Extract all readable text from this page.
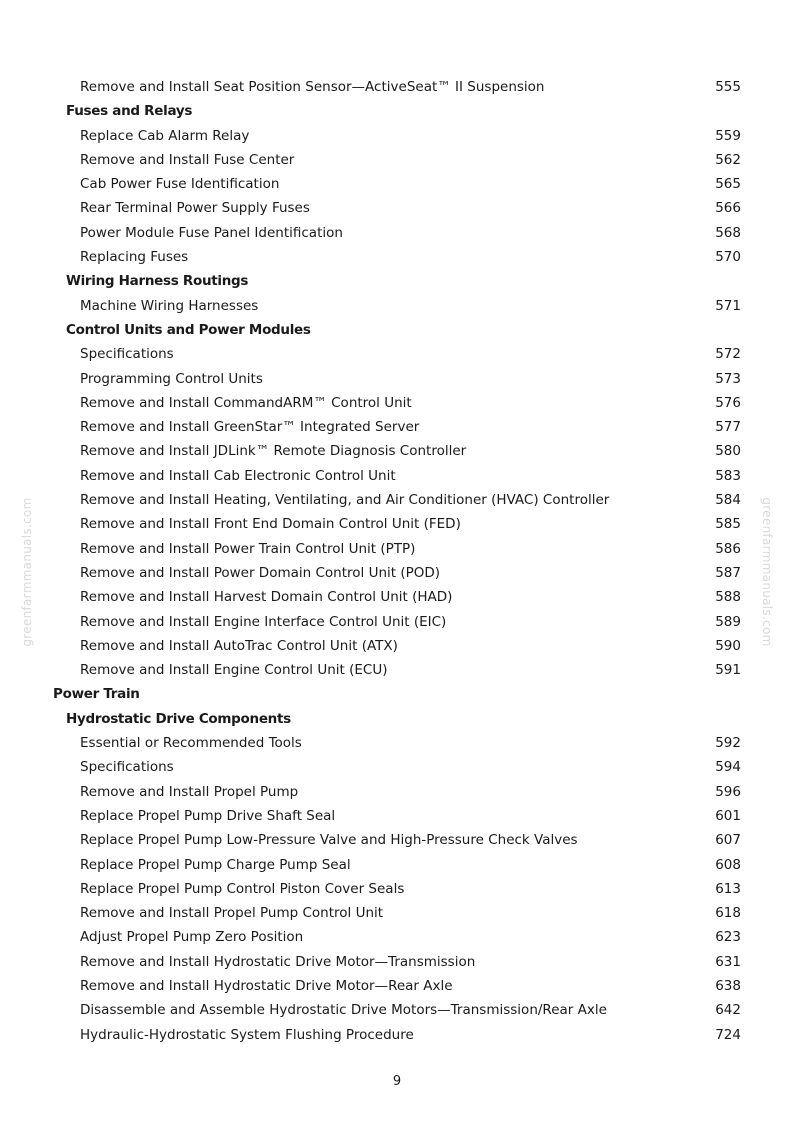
Remove and Install Seat Position Sensor—ActiveSeat™ II Suspension	555
Fuses and Relays
Replace Cab Alarm Relay	559
Remove and Install Fuse Center	562
Cab Power Fuse Identification	565
Rear Terminal Power Supply Fuses	566
Power Module Fuse Panel Identification	568
Replacing Fuses	570
Wiring Harness Routings
Machine Wiring Harnesses	571
Control Units and Power Modules
Specifications	572
Programming Control Units	573
Remove and Install CommandARM™ Control Unit	576
Remove and Install GreenStar™ Integrated Server	577
Remove and Install JDLink™ Remote Diagnosis Controller	580
Remove and Install Cab Electronic Control Unit	583
Remove and Install Heating, Ventilating, and Air Conditioner (HVAC) Controller	584
Remove and Install Front End Domain Control Unit (FED)	585
Remove and Install Power Train Control Unit (PTP)	586
Remove and Install Power Domain Control Unit (POD)	587
Remove and Install Harvest Domain Control Unit (HAD)	588
Remove and Install Engine Interface Control Unit (EIC)	589
Remove and Install AutoTrac Control Unit (ATX)	590
Remove and Install Engine Control Unit (ECU)	591
Power Train
Hydrostatic Drive Components
Essential or Recommended Tools	592
Specifications	594
Remove and Install Propel Pump	596
Replace Propel Pump Drive Shaft Seal	601
Replace Propel Pump Low-Pressure Valve and High-Pressure Check Valves	607
Replace Propel Pump Charge Pump Seal	608
Replace Propel Pump Control Piston Cover Seals	613
Remove and Install Propel Pump Control Unit	618
Adjust Propel Pump Zero Position	623
Remove and Install Hydrostatic Drive Motor—Transmission	631
Remove and Install Hydrostatic Drive Motor—Rear Axle	638
Disassemble and Assemble Hydrostatic Drive Motors—Transmission/Rear Axle	642
Hydraulic-Hydrostatic System Flushing Procedure	724
greenfarmmanuals.com	greenfarmmanuals.com
9
